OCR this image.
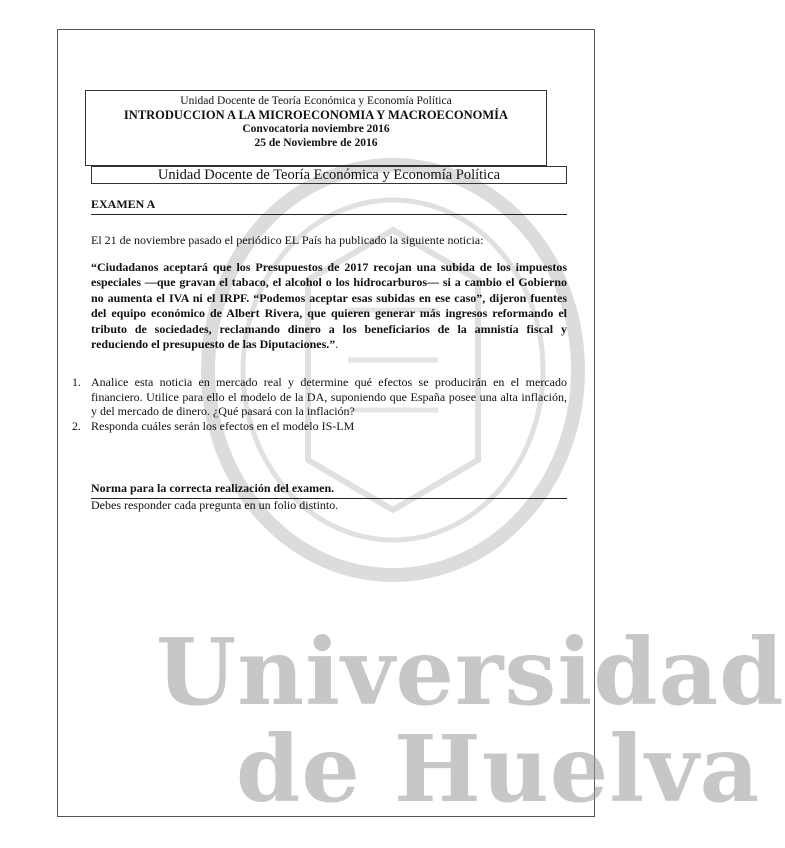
Universidad
de Huelva
Unidad Docente de Teoría Económica y Economía Política
INTRODUCCION A LA MICROECONOMIA Y MACROECONOMÍA
Convocatoria noviembre 2016
25 de Noviembre de 2016
Unidad Docente de Teoría Económica y Economía Política
EXAMEN A
El 21 de noviembre pasado el periódico EL País ha publicado la siguiente noticia:
“Ciudadanos aceptará que los Presupuestos de 2017 recojan una subida de los impuestos especiales —que gravan el tabaco, el alcohol o los hidrocarburos— si a cambio el Gobierno no aumenta el IVA ni el IRPF. “Podemos aceptar esas subidas en ese caso”, dijeron fuentes del equipo económico de Albert Rivera, que quieren generar más ingresos reformando el tributo de sociedades, reclamando dinero a los beneficiarios de la amnistía fiscal y reduciendo el presupuesto de las Diputaciones.”.
1. Analice esta noticia en mercado real y determine qué efectos se producirán en el mercado financiero. Utilice para ello el modelo de la DA, suponiendo que España posee una alta inflación, y del mercado de dinero. ¿Qué pasará con la inflación?
2. Responda cuáles serán los efectos en el modelo IS-LM
Norma para la correcta realización del examen.
Debes responder cada pregunta en un folio distinto.
